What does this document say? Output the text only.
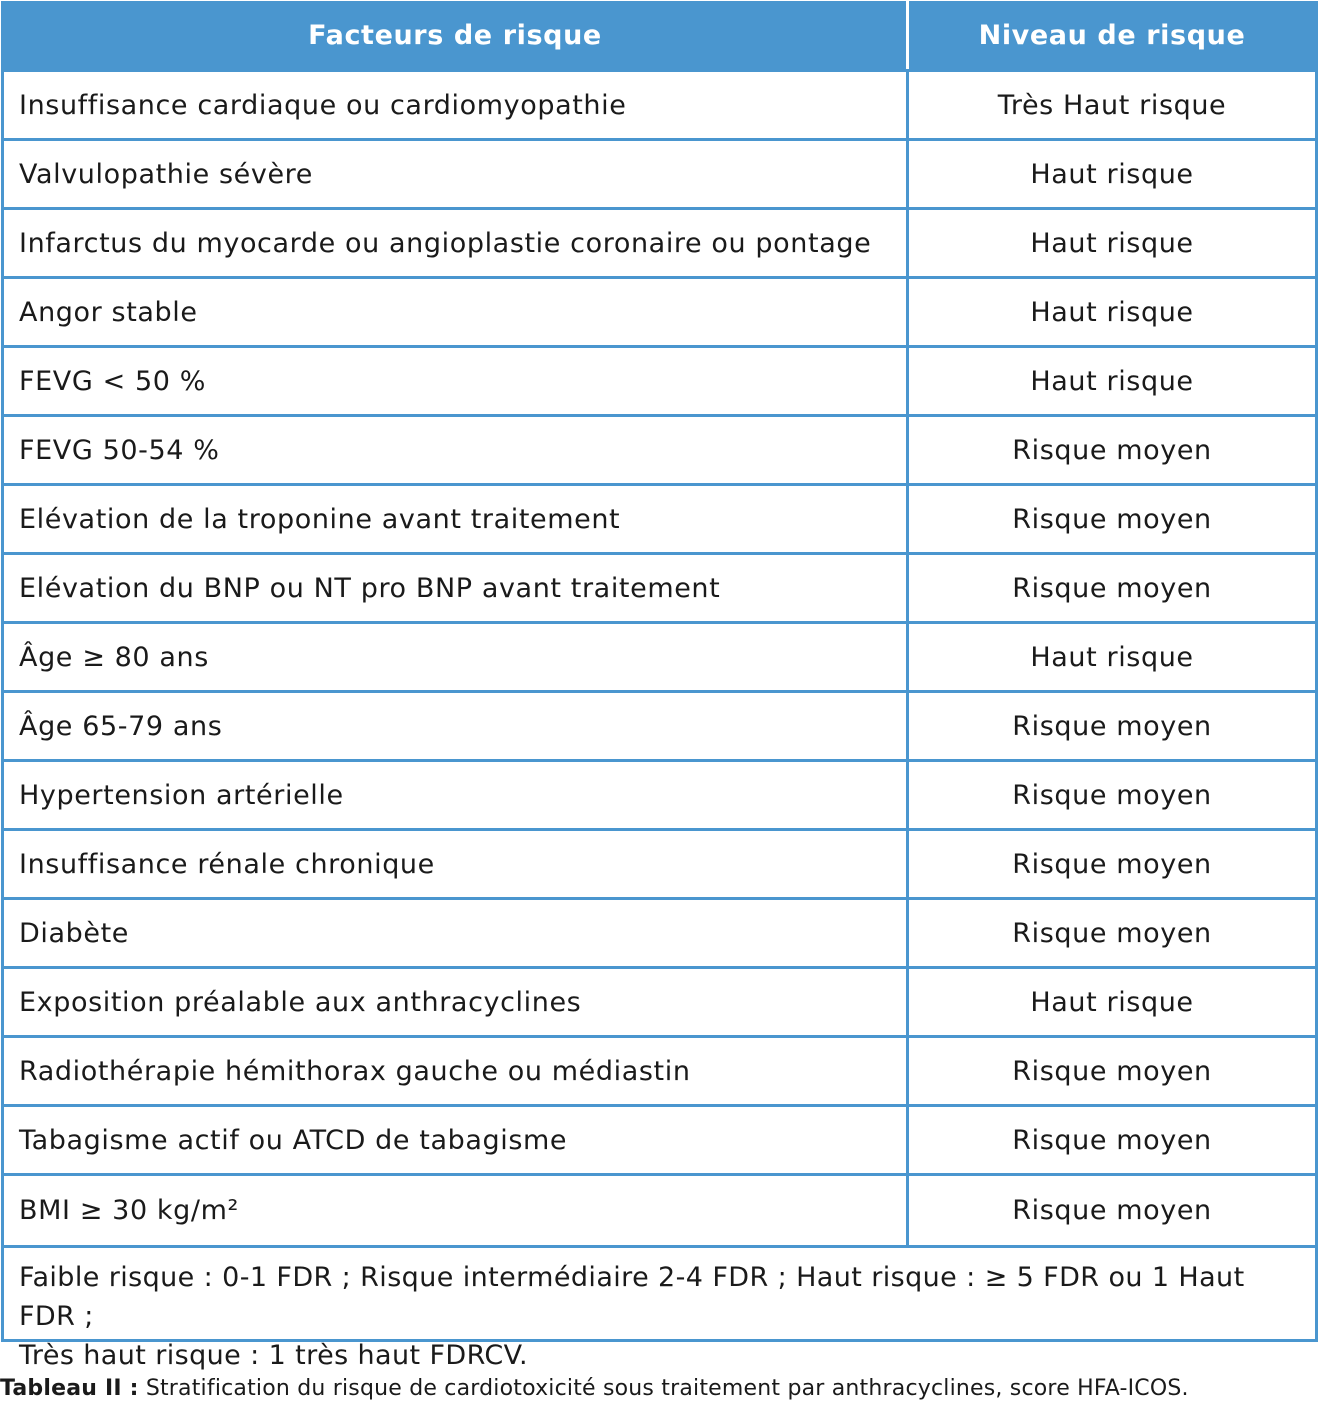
Facteurs de risque	Niveau de risque
Insuffisance cardiaque ou cardiomyopathie	Très Haut risque
Valvulopathie sévère	Haut risque
Infarctus du myocarde ou angioplastie coronaire ou pontage	Haut risque
Angor stable	Haut risque
FEVG < 50 %	Haut risque
FEVG 50-54 %	Risque moyen
Elévation de la troponine avant traitement	Risque moyen
Elévation du BNP ou NT pro BNP avant traitement	Risque moyen
Âge ≥ 80 ans	Haut risque
Âge 65-79 ans	Risque moyen
Hypertension artérielle	Risque moyen
Insuffisance rénale chronique	Risque moyen
Diabète	Risque moyen
Exposition préalable aux anthracyclines	Haut risque
Radiothérapie hémithorax gauche ou médiastin	Risque moyen
Tabagisme actif ou ATCD de tabagisme	Risque moyen
BMI ≥ 30 kg/m²	Risque moyen
Faible risque : 0-1 FDR ; Risque intermédiaire 2-4 FDR ; Haut risque : ≥ 5 FDR ou 1 Haut FDR ;
Très haut risque : 1 très haut FDRCV.
Tableau II : Stratification du risque de cardiotoxicité sous traitement par anthracyclines, score HFA-ICOS.
